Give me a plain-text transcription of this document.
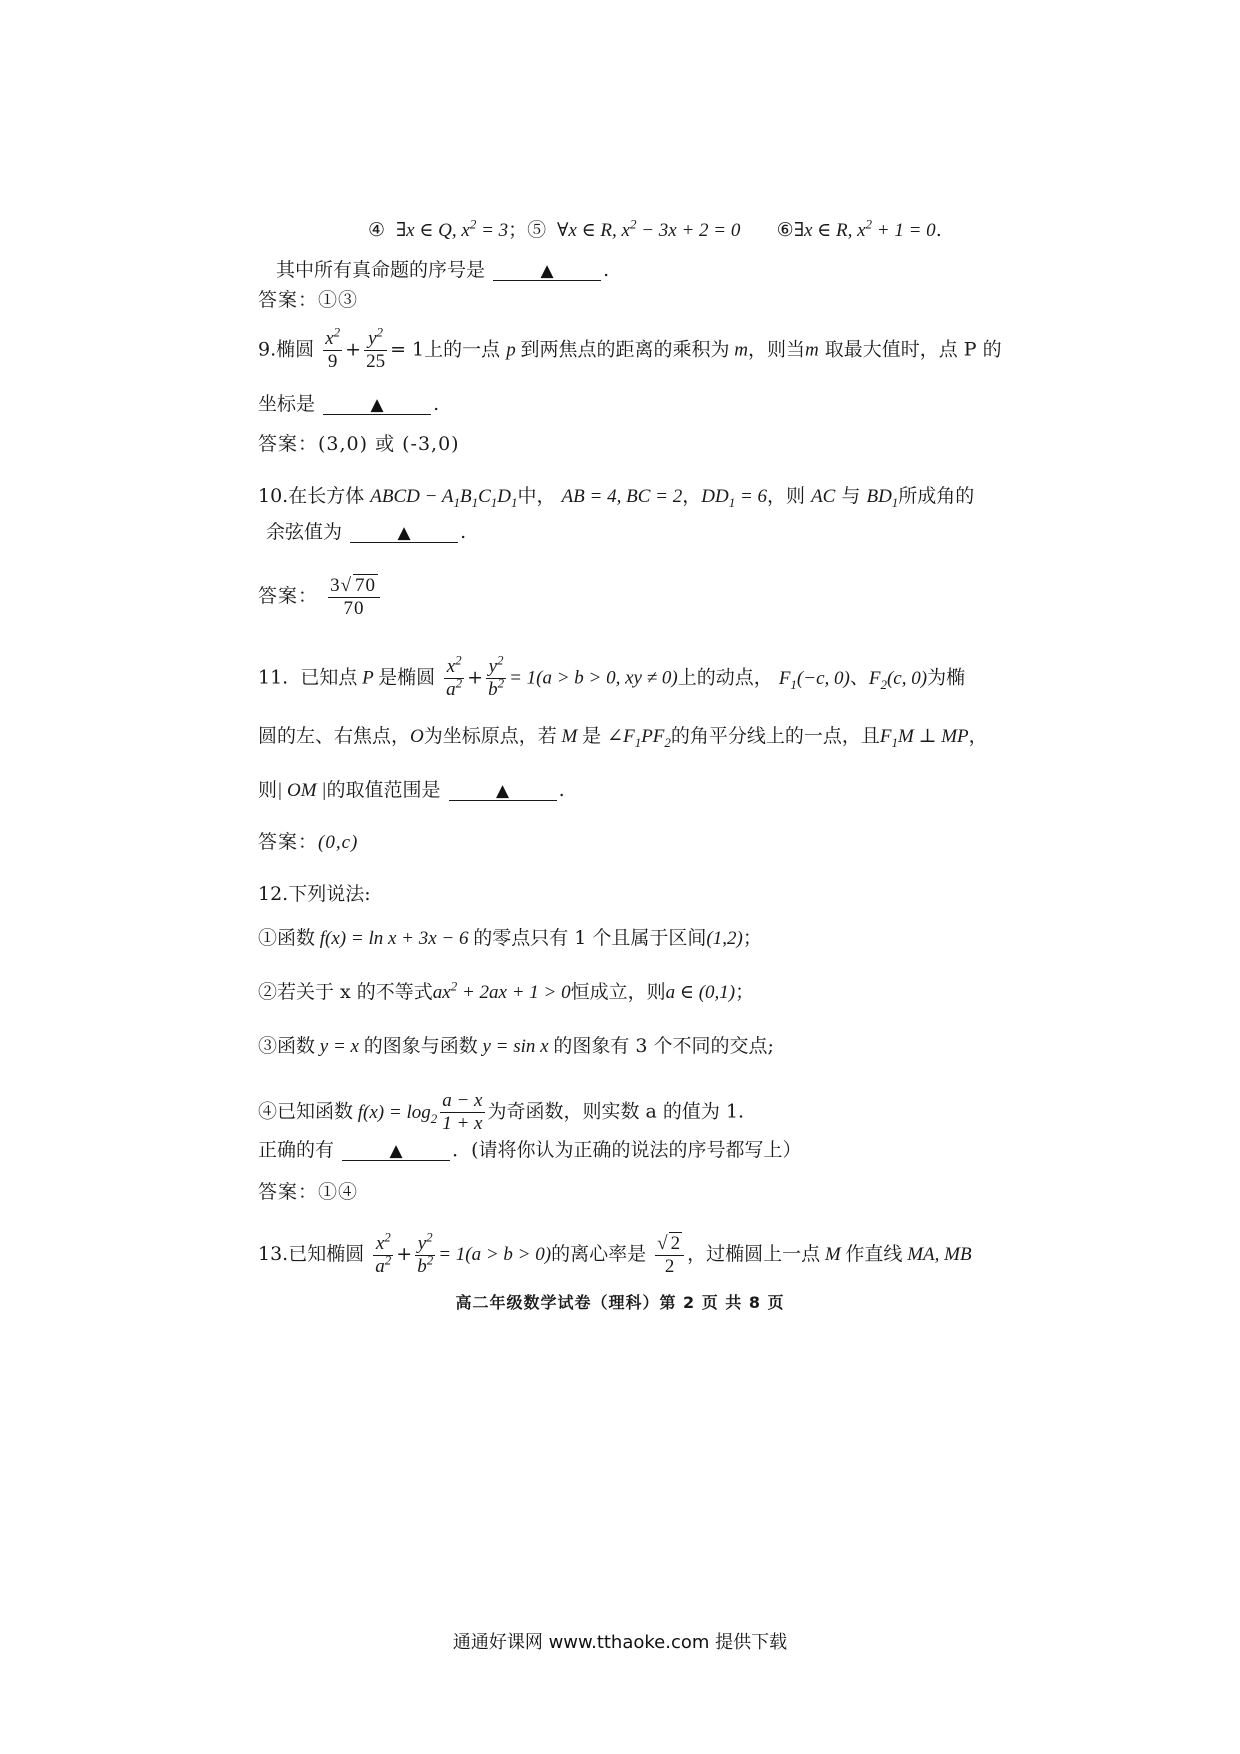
④  ∃x ∈ Q, $x^2 = 3$；⑤  ∀x ∈ R, $x^2 - 3x + 2 = 0$ ⑥∃x ∈ R, $x^2 + 1 = 0$.
其中所有真命题的序号是	▲	.
答案：①③
9.椭圆 $\frac{x^2}{9} + \frac{y^2}{25} = 1$上的一点 p 到两焦点的距离的乘积为 m，则当m 取最大值时，点 P 的
坐标是	▲	.
答案：(3,0) 或 (-3,0)
10.在长方体 ABCD − $A_1B_1C_1D_1$中， AB = 4, BC = 2，$DD_1 = 6$，则 AC 与 $BD_1$所成角的
余弦值为	▲	.
答案： $\frac{3√ 70}{70}$
11. 已知点 P 是椭圆 $\frac{x^2}{a^2} + \frac{y^2}{b^2} = 1(a > b > 0$, xy ≠ 0)上的动点， $F_1(-c$, 0)、$F_2(c$, 0)为椭
圆的左、右焦点，O为坐标原点，若 M 是 $\angle F_1PF_2$的角平分线上的一点，且$F_1M$ ⊥ MP，
则| OM |的取值范围是	▲	.
答案：(0,c)
12.下列说法:
①函数 f(x) = ln x + 3x − 6 的零点只有 1 个且属于区间(1,2)；
②若关于 x 的不等式$ax^2 + 2ax + 1 > 0$恒成立，则a ∈ (0,1)；
③函数 y = x 的图象与函数 y = sin x 的图象有 3 个不同的交点;
④已知函数 $f(x) = \log_2 \frac{a - x}{1 + x}$ 为奇函数，则实数 a 的值为 1.
正确的有	▲	．(请将你认为正确的说法的序号都写上）
答案：①④
13.已知椭圆 $\frac{x^2}{a^2} + \frac{y^2}{b^2} = 1(a > b > 0)$的离心率是 $\frac{√ 2}{2}$ ，过椭圆上一点 M 作直线 MA, MB
高二年级数学试卷（理科）第 2 页 共 8 页
通通好课网 www.tthaoke.com 提供下载
